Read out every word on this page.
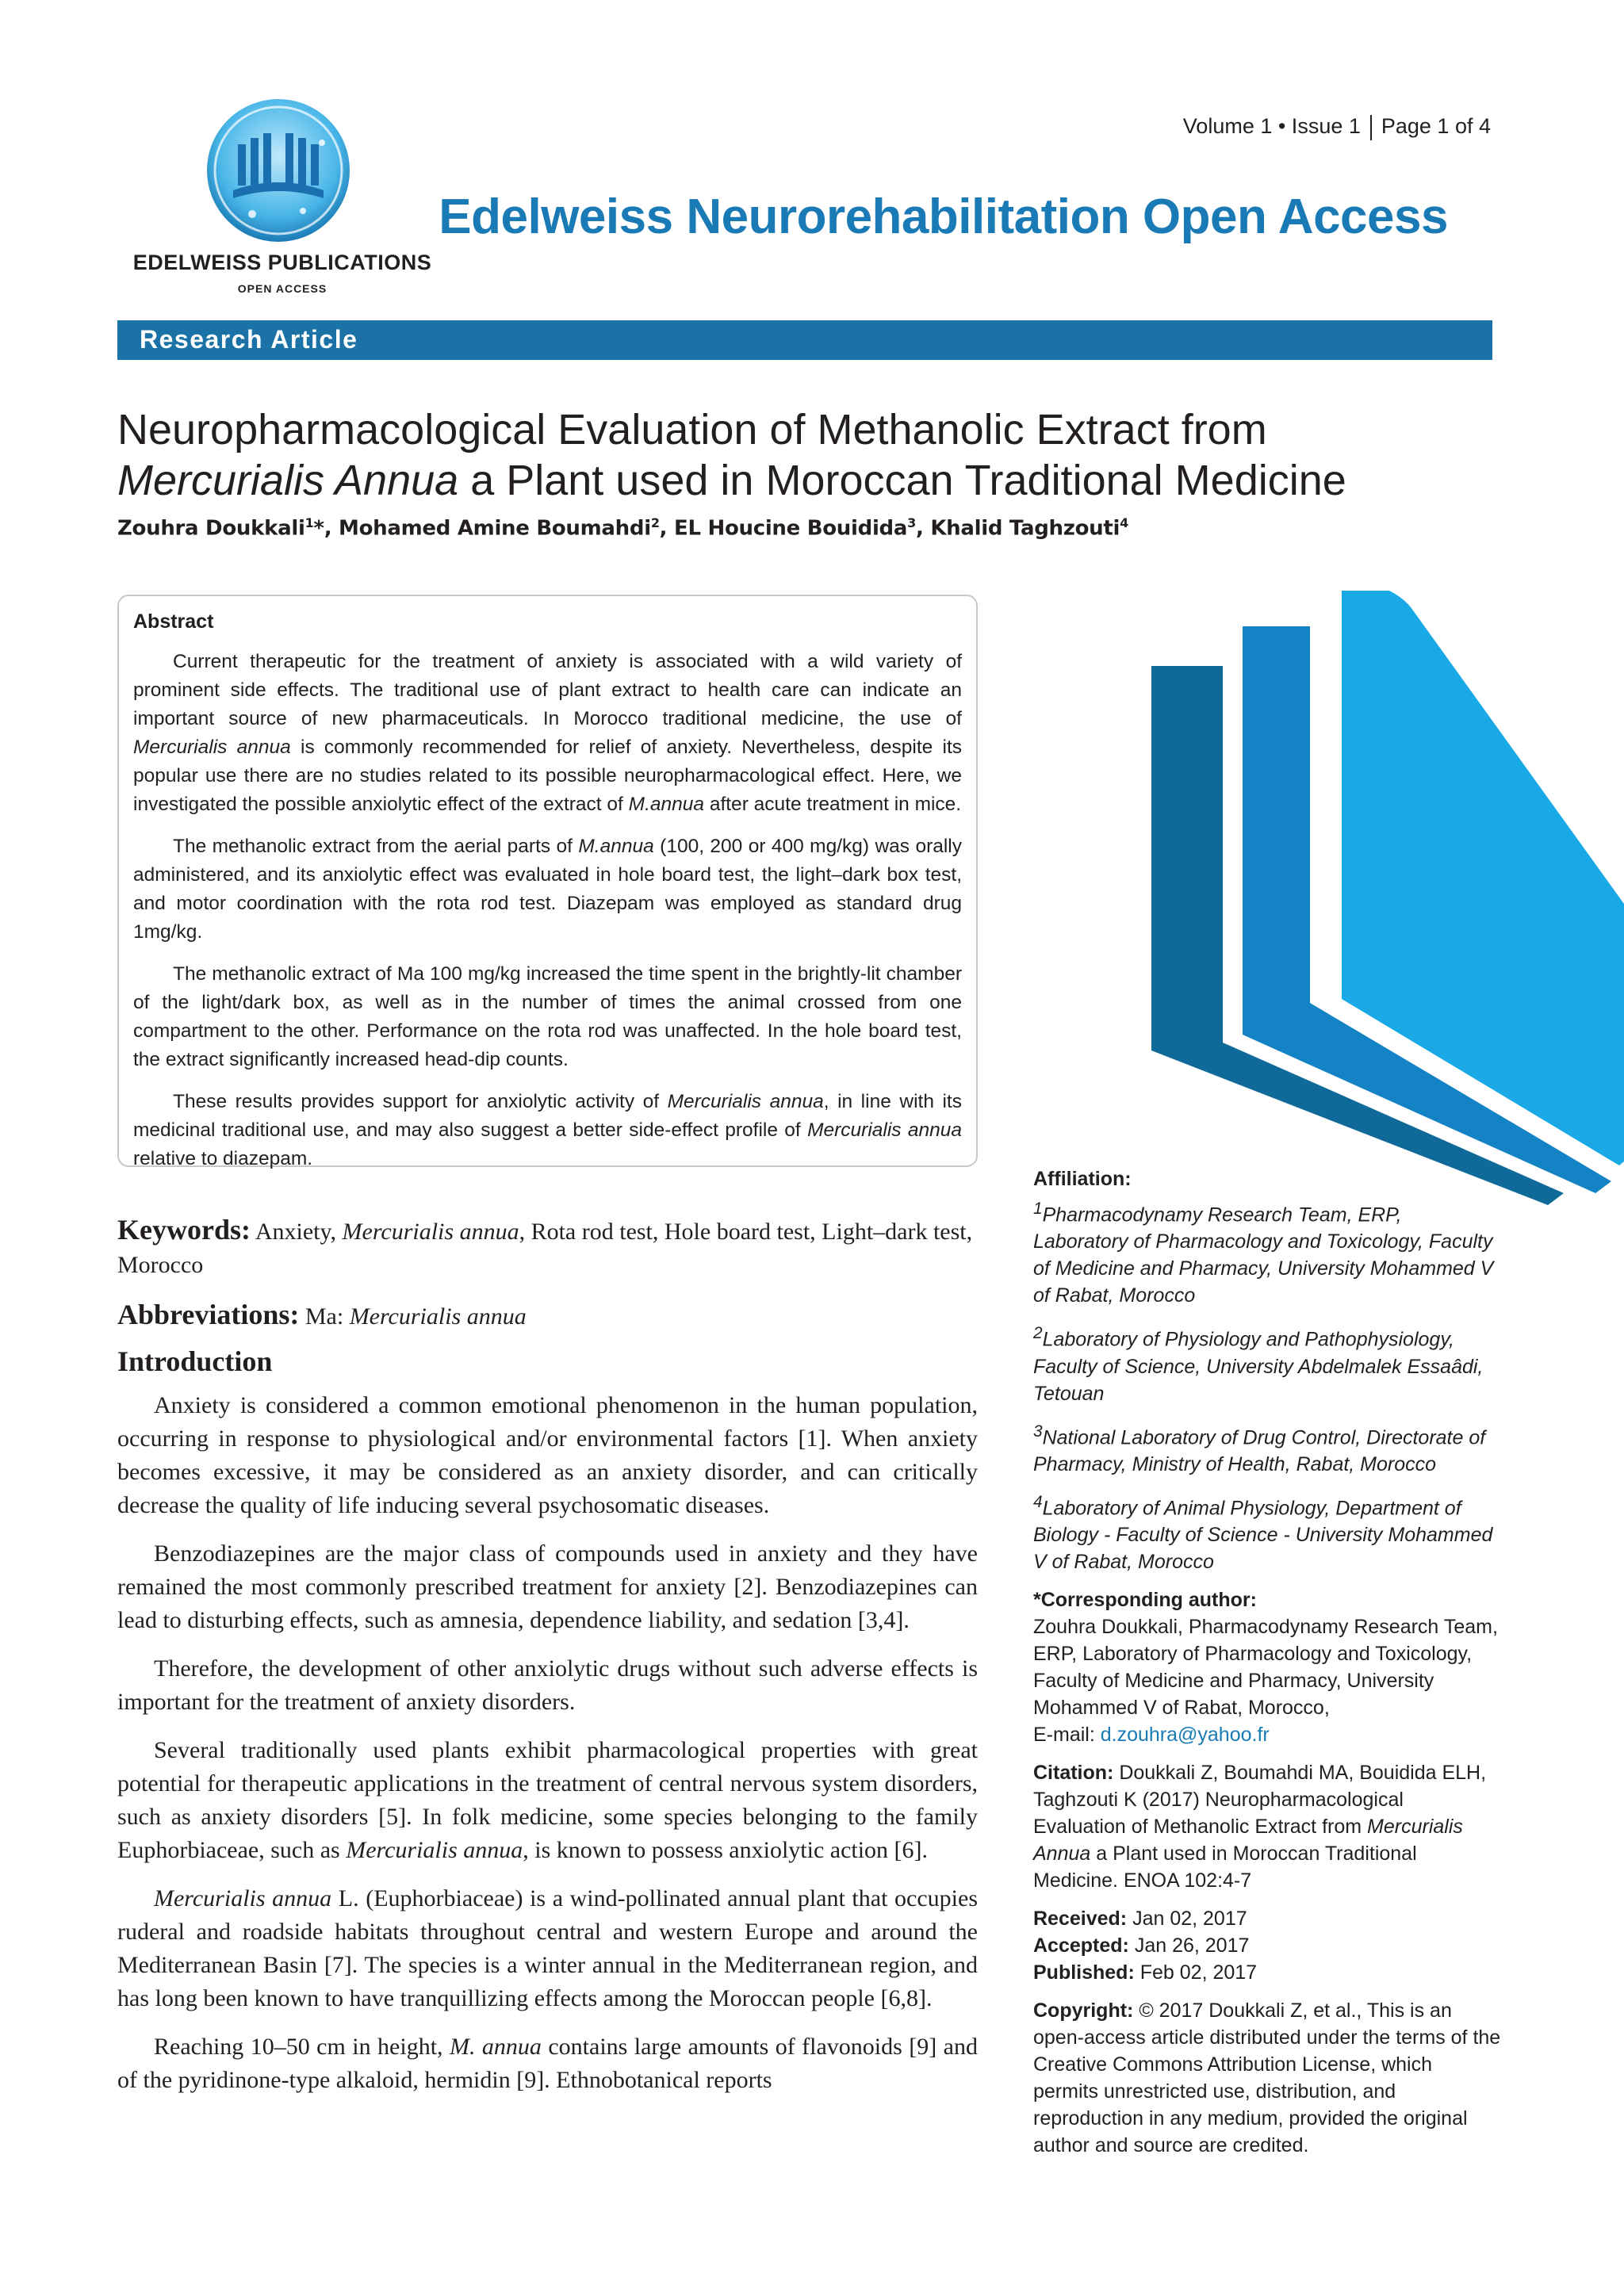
EDELWEISS PUBLICATIONS
OPEN ACCESS
Volume 1 • Issue 1 Page 1 of 4
Edelweiss Neurorehabilitation Open Access
Research Article
Neuropharmacological Evaluation of Methanolic Extract from
Mercurialis Annua a Plant used in Moroccan Traditional Medicine
Zouhra Doukkali$^1$*, Mohamed Amine Boumahdi$^2$, EL Houcine Bouidida$^3$, Khalid Taghzouti$^4$
Abstract

Current therapeutic for the treatment of anxiety is associated with a wild variety of prominent side effects. The traditional use of plant extract to health care can indicate an important source of new pharmaceuticals. In Morocco traditional medicine, the use of Mercurialis annua is commonly recommended for relief of anxiety. Nevertheless, despite its popular use there are no studies related to its possible neuropharmacological effect. Here, we investigated the possible anxiolytic effect of the extract of M.annua after acute treatment in mice.

The methanolic extract from the aerial parts of M.annua (100, 200 or 400 mg/kg) was orally administered, and its anxiolytic effect was evaluated in hole board test, the light–dark box test, and motor coordination with the rota rod test. Diazepam was employed as standard drug 1mg/kg.

The methanolic extract of Ma 100 mg/kg increased the time spent in the brightly-lit chamber of the light/dark box, as well as in the number of times the animal crossed from one compartment to the other. Performance on the rota rod was unaffected. In the hole board test, the extract significantly increased head-dip counts.

These results provides support for anxiolytic activity of Mercurialis annua, in line with its medicinal traditional use, and may also suggest a better side-effect profile of Mercurialis annua relative to diazepam.

Affiliation:

$^1$Pharmacodynamy Research Team, ERP, Laboratory of Pharmacology and Toxicology, Faculty of Medicine and Pharmacy, University Mohammed V of Rabat, Morocco

$^2$Laboratory of Physiology and Pathophysiology, Faculty of Science, University Abdelmalek Essaâdi, Tetouan

$^3$National Laboratory of Drug Control, Directorate of Pharmacy, Ministry of Health, Rabat, Morocco

$^4$Laboratory of Animal Physiology, Department of Biology - Faculty of Science - University Mohammed V of Rabat, Morocco

*Corresponding author:
Zouhra Doukkali, Pharmacodynamy Research Team, ERP, Laboratory of Pharmacology and Toxicology, Faculty of Medicine and Pharmacy, University Mohammed V of Rabat, Morocco,
E-mail: d.zouhra@yahoo.fr

Citation: Doukkali Z, Boumahdi MA, Bouidida ELH, Taghzouti K (2017) Neuropharmacological Evaluation of Methanolic Extract from Mercurialis Annua a Plant used in Moroccan Traditional Medicine. ENOA 102:4-7

Received: Jan 02, 2017
Accepted: Jan 26, 2017
Published: Feb 02, 2017

Copyright: © 2017 Doukkali Z, et al., This is an open-access article distributed under the terms of the Creative Commons Attribution License, which permits unrestricted use, distribution, and reproduction in any medium, provided the original author and source are credited.

Keywords: Anxiety, Mercurialis annua, Rota rod test, Hole board test, Light–dark test, Morocco

Abbreviations: Ma: Mercurialis annua

Introduction

Anxiety is considered a common emotional phenomenon in the human population, occurring in response to physiological and/or environmental factors [1]. When anxiety becomes excessive, it may be considered as an anxiety disorder, and can critically decrease the quality of life inducing several psychosomatic diseases.

Benzodiazepines are the major class of compounds used in anxiety and they have remained the most commonly prescribed treatment for anxiety [2]. Benzodiazepines can lead to disturbing effects, such as amnesia, dependence liability, and sedation [3,4].

Therefore, the development of other anxiolytic drugs without such adverse effects is important for the treatment of anxiety disorders.

Several traditionally used plants exhibit pharmacological properties with great potential for therapeutic applications in the treatment of central nervous system disorders, such as anxiety disorders [5]. In folk medicine, some species belonging to the family Euphorbiaceae, such as Mercurialis annua, is known to possess anxiolytic action [6].

Mercurialis annua L. (Euphorbiaceae) is a wind-pollinated annual plant that occupies ruderal and roadside habitats throughout central and western Europe and around the Mediterranean Basin [7]. The species is a winter annual in the Mediterranean region, and has long been known to have tranquillizing effects among the Moroccan people [6,8].

Reaching 10–50 cm in height, M. annua contains large amounts of flavonoids [9] and of the pyridinone-type alkaloid, hermidin [9]. Ethnobotanical reports
